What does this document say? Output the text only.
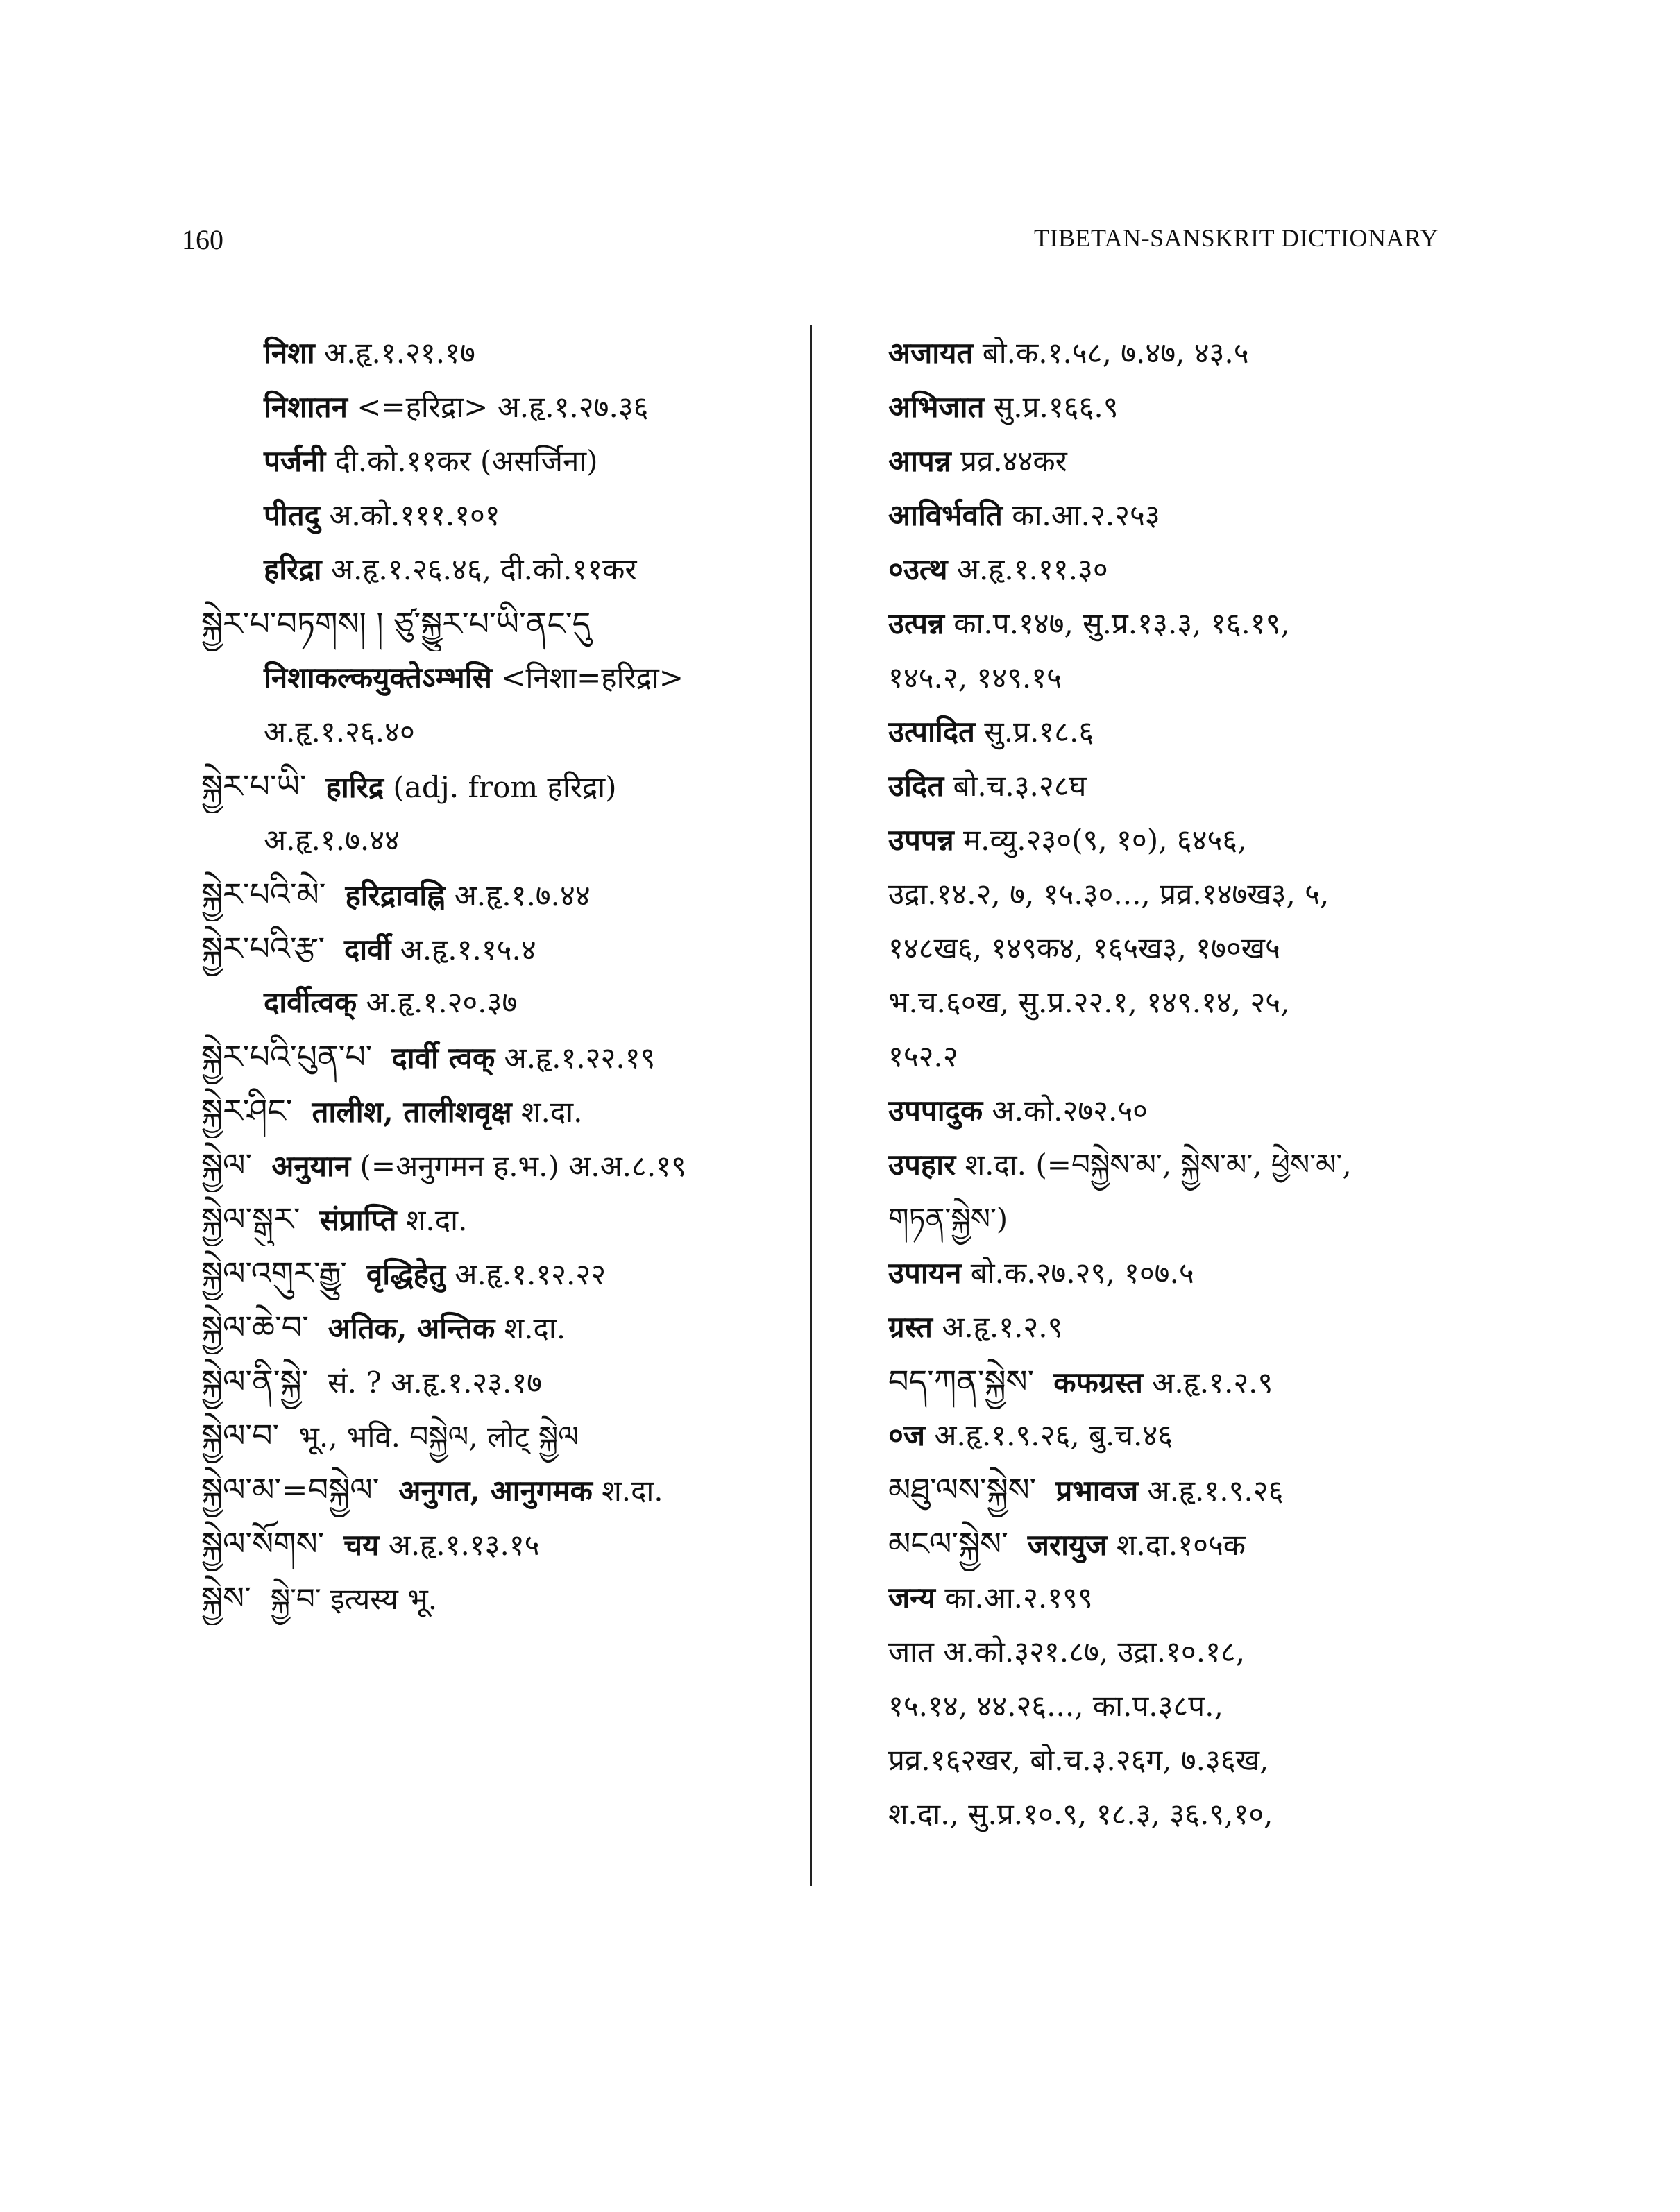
160	TIBETAN-SANSKRIT DICTIONARY
निशा अ.हृ.१.२१.१७
निशातन <=हरिद्रा> अ.हृ.१.२७.३६
पर्जनी दी.को.११कर (असर्जिना)
पीतदु अ.को.१११.१०१
हरिद्रा अ.हृ.१.२६.४६, दी.को.११कर
སྐྱེར་པ་བཏགས། ། ཙུ་སྐྱུར་པ་ཡི་ནང་དུ
निशाकल्कयुक्तेऽम्भसि <निशा=हरिद्रा>
अ.हृ.१.२६.४०
སྐྱེར་པ་ཡི་ हारिद्र (adj. from हरिद्रा)
अ.हृ.१.७.४४
སྐྱེར་པའི་མེ་ हरिद्रावह्नि अ.हृ.१.७.४४
སྐྱེར་པའི་རྩ་ दार्वी अ.हृ.१.१५.४
दार्वीत्वक् अ.हृ.१.२०.३७
སྐྱེར་པའི་པུན་པ་ दार्वी त्वक् अ.हृ.१.२२.१९
སྐྱེར་ཤིང་ तालीश, तालीशवृक्ष श.दा.
སྐྱེལ་ अनुयान (=अनुगमन ह.भ.) अ.अ.८.१९
སྐྱེལ་སྒུར་ संप्राप्ति श.दा.
སྐྱེལ་འགུར་རྒྱུ་ वृद्धिहेतु अ.हृ.१.१२.२२
སྐྱེལ་ཆེ་བ་ अतिक, अन्तिक श.दा.
སྐྱེལ་ནི་སྐྱེ་ सं. ? अ.हृ.१.२३.१७
སྐྱེལ་བ་ भू., भवि. བསྐྱེལ, लोट् སྐྱེལ
སྐྱེལ་མ་=བསྐྱེལ་ अनुगत, आनुगमक श.दा.
སྐྱེལ་སོགས་ चय अ.हृ.१.१३.१५
སྐྱེས་ སྐྱེ་བ་ इत्यस्य भू.
अजायत बो.क.१.५८, ७.४७, ४३.५
अभिजात सु.प्र.१६६.९
आपन्न प्रव्र.४४कर
आविर्भवति का.आ.२.२५३
०उत्थ अ.हृ.१.११.३०
उत्पन्न का.प.१४७, सु.प्र.१३.३, १६.१९,
१४५.२, १४९.१५
उत्पादित सु.प्र.१८.६
उदित बो.च.३.२८घ
उपपन्न म.व्यु.२३०(९, १०), ६४५६,
उद्रा.१४.२, ७, १५.३०..., प्रव्र.१४७ख३, ५,
१४८ख६, १४९क४, १६५ख३, १७०ख५
भ.च.६०ख, सु.प्र.२२.१, १४९.१४, २५,
१५२.२
उपपादुक अ.को.२७२.५०
उपहार श.दा. (=བསྐྱེས་མ་, སྐྱེས་མ་, ཕྱེས་མ་,
གཏན་སྐྱེས་)
उपायन बो.क.२७.२९, १०७.५
ग्रस्त अ.हृ.१.२.९
བད་ཀན་སྐྱེས་ कफग्रस्त अ.हृ.१.२.९
०ज अ.हृ.१.९.२६, बु.च.४६
མཐུ་ལས་སྐྱེས་ प्रभावज अ.हृ.१.९.२६
མངལ་སྐྱེས་ जरायुज श.दा.१०५क
जन्य का.आ.२.१९९
जात अ.को.३२१.८७, उद्रा.१०.१८,
१५.१४, ४४.२६..., का.प.३८प.,
प्रव्र.१६२खर, बो.च.३.२६ग, ७.३६ख,
श.दा., सु.प्र.१०.९, १८.३, ३६.९,१०,
